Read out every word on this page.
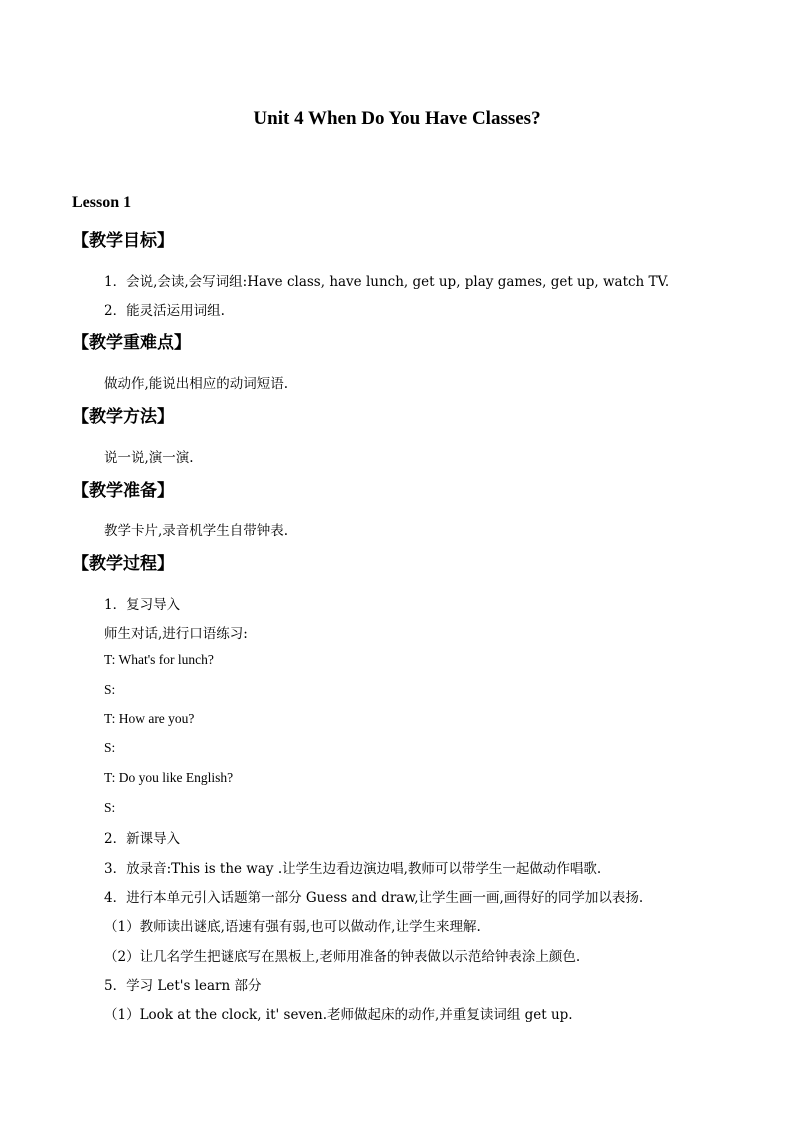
Unit 4 When Do You Have Classes?
Lesson 1
【教学目标】
1．会说,会读,会写词组:Have class, have lunch, get up, play games, get up, watch TV.
2．能灵活运用词组.
【教学重难点】
做动作,能说出相应的动词短语.
【教学方法】
说一说,演一演.
【教学准备】
教学卡片,录音机学生自带钟表.
【教学过程】
1．复习导入
师生对话,进行口语练习:
T: What's for lunch?
S:
T: How are you?
S:
T: Do you like English?
S:
2．新课导入
3．放录音:This is the way .让学生边看边演边唱,教师可以带学生一起做动作唱歌.
4．进行本单元引入话题第一部分 Guess and draw,让学生画一画,画得好的同学加以表扬.
（1）教师读出谜底,语速有强有弱,也可以做动作,让学生来理解.
（2）让几名学生把谜底写在黑板上,老师用准备的钟表做以示范给钟表涂上颜色.
5．学习 Let's learn 部分
（1）Look at the clock, it' seven.老师做起床的动作,并重复读词组 get up.
